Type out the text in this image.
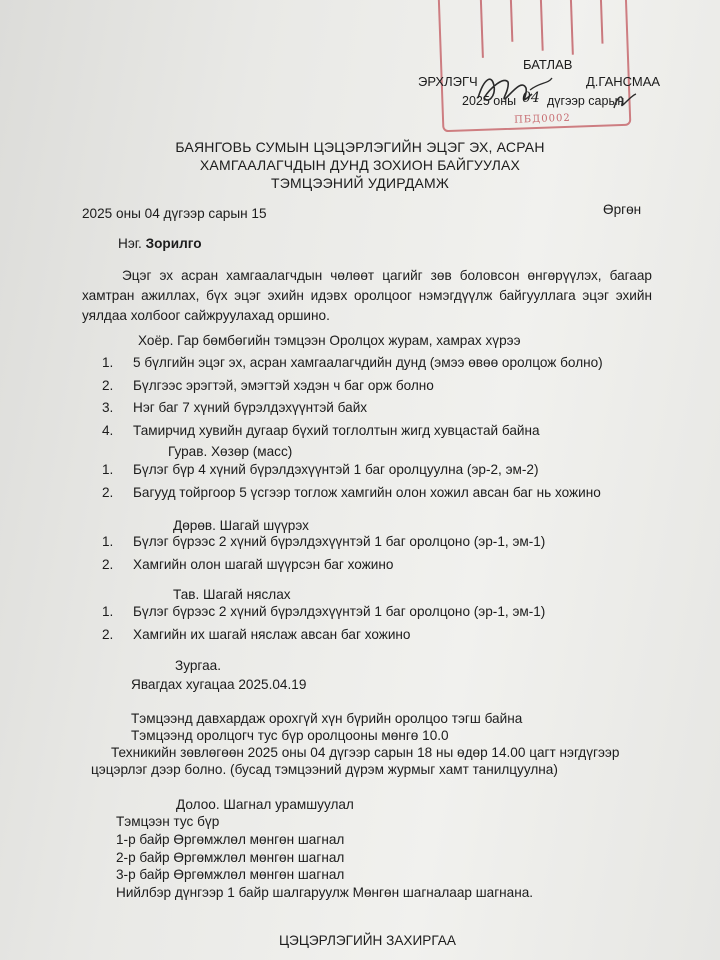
ПБД0002
БАТЛАВ
ЭРХЛЭГЧ	Д.ГАНСМАА
2025 оны 04 дүгээр сарын
БАЯНГОВЬ СУМЫН ЦЭЦЭРЛЭГИЙН ЭЦЭГ ЭХ, АСРАН
ХАМГААЛАГЧДЫН ДУНД ЗОХИОН БАЙГУУЛАХ
ТЭМЦЭЭНИЙ УДИРДАМЖ
2025 оны 04 дүгээр сарын 15	Өргөн
Нэг. Зорилго
Эцэг эх асран хамгаалагчдын чөлөөт цагийг зөв боловсон өнгөрүүлэх, багаар хамтран ажиллах, бүх эцэг эхийн идэвх оролцоог нэмэгдүүлж байгууллага эцэг эхийн уялдаа холбоог сайжруулахад оршино.
Хоёр. Гар бөмбөгийн тэмцээн Оролцох журам, хамрах хүрээ
1. 5 бүлгийн эцэг эх, асран хамгаалагчдийн дунд (эмээ өвөө оролцож болно)
2. Бүлгээс эрэгтэй, эмэгтэй хэдэн ч баг орж болно
3. Нэг баг 7 хүний бүрэлдэхүүнтэй байх
4. Тамирчид хувийн дугаар бүхий тоглолтын жигд хувцастай байна
Гурав. Хөзөр (масс)
1. Бүлэг бүр 4 хүний бүрэлдэхүүнтэй 1 баг оролцуулна (эр-2, эм-2)
2. Багууд тойргоор 5 үсгээр тоглож хамгийн олон хожил авсан баг нь хожино
Дөрөв. Шагай шүүрэх
1. Бүлэг бүрээс 2 хүний бүрэлдэхүүнтэй 1 баг оролцоно (эр-1, эм-1)
2. Хамгийн олон шагай шүүрсэн баг хожино
Тав. Шагай няслах
1. Бүлэг бүрээс 2 хүний бүрэлдэхүүнтэй 1 баг оролцоно (эр-1, эм-1)
2. Хамгийн их шагай няслаж авсан баг хожино
Зургаа.
Явагдах хугацаа 2025.04.19
Тэмцээнд давхардаж орохгүй хүн бүрийн оролцоо тэгш байна
Тэмцээнд оролцогч тус бүр оролцооны мөнгө 10.0
Техникийн зөвлөгөөн 2025 оны 04 дүгээр сарын 18 ны өдөр 14.00 цагт нэгдүгээр
цэцэрлэг дээр болно. (бусад тэмцээний дүрэм журмыг хамт танилцуулна)
Долоо. Шагнал урамшуулал
Тэмцээн тус бүр
1-р байр Өргөмжлөл мөнгөн шагнал
2-р байр Өргөмжлөл мөнгөн шагнал
3-р байр Өргөмжлөл мөнгөн шагнал
Нийлбэр дүнгээр 1 байр шалгаруулж Мөнгөн шагналаар шагнана.
ЦЭЦЭРЛЭГИЙН ЗАХИРГАА
